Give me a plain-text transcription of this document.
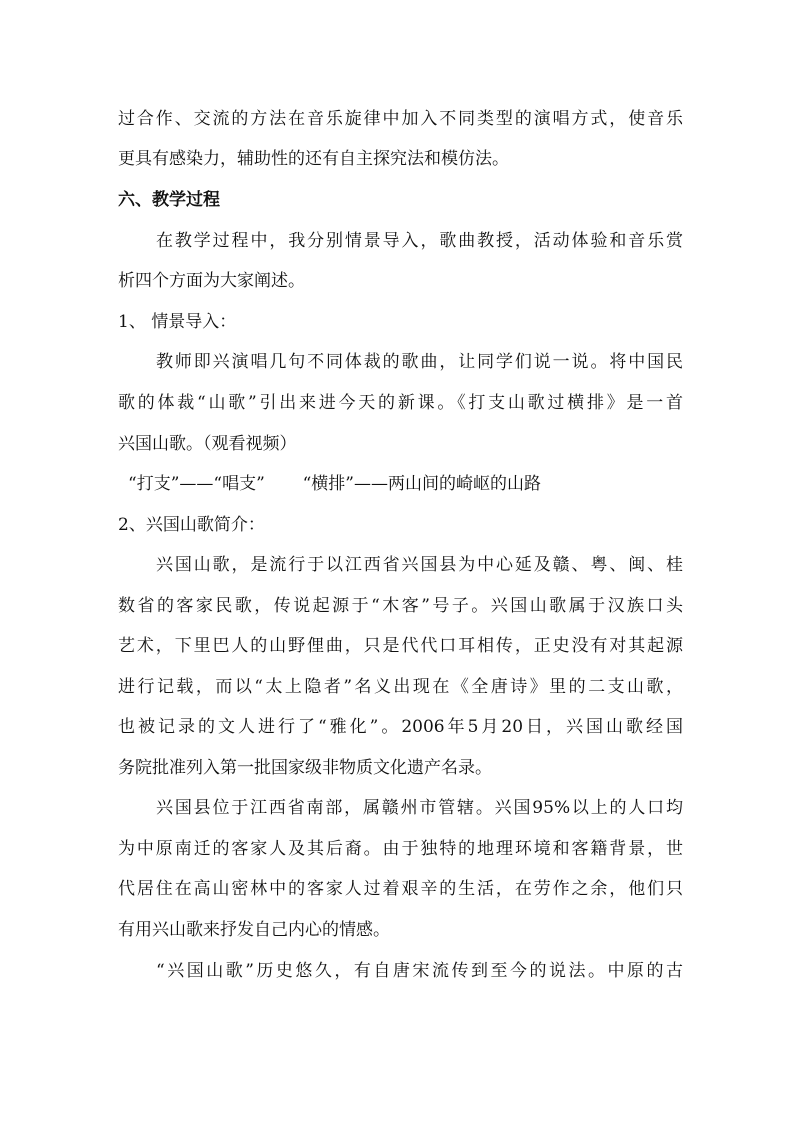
过合作、交流的方法在音乐旋律中加入不同类型的演唱方式，使音乐
更具有感染力，辅助性的还有自主探究法和模仿法。
六、教学过程
在教学过程中，我分别情景导入，歌曲教授，活动体验和音乐赏
析四个方面为大家阐述。
1、 情景导入：
教师即兴演唱几句不同体裁的歌曲，让同学们说一说。将中国民
歌的体裁“山歌”引出来进今天的新课。《打支山歌过横排》是一首
兴国山歌。（观看视频）
“打支”——“唱支”       “横排”——两山间的崎岖的山路
2、兴国山歌简介：
兴国山歌，是流行于以江西省兴国县为中心延及赣、粤、闽、桂
数省的客家民歌，传说起源于“木客”号子。兴国山歌属于汉族口头
艺术，下里巴人的山野俚曲，只是代代口耳相传，正史没有对其起源
进行记载，而以“太上隐者”名义出现在《全唐诗》里的二支山歌，
也被记录的文人进行了“雅化”。2006年5月20日，兴国山歌经国
务院批准列入第一批国家级非物质文化遗产名录。
兴国县位于江西省南部，属赣州市管辖。兴国95%以上的人口均
为中原南迁的客家人及其后裔。由于独特的地理环境和客籍背景，世
代居住在高山密林中的客家人过着艰辛的生活，在劳作之余，他们只
有用兴山歌来抒发自己内心的情感。
“兴国山歌”历史悠久，有自唐宋流传到至今的说法。中原的古
